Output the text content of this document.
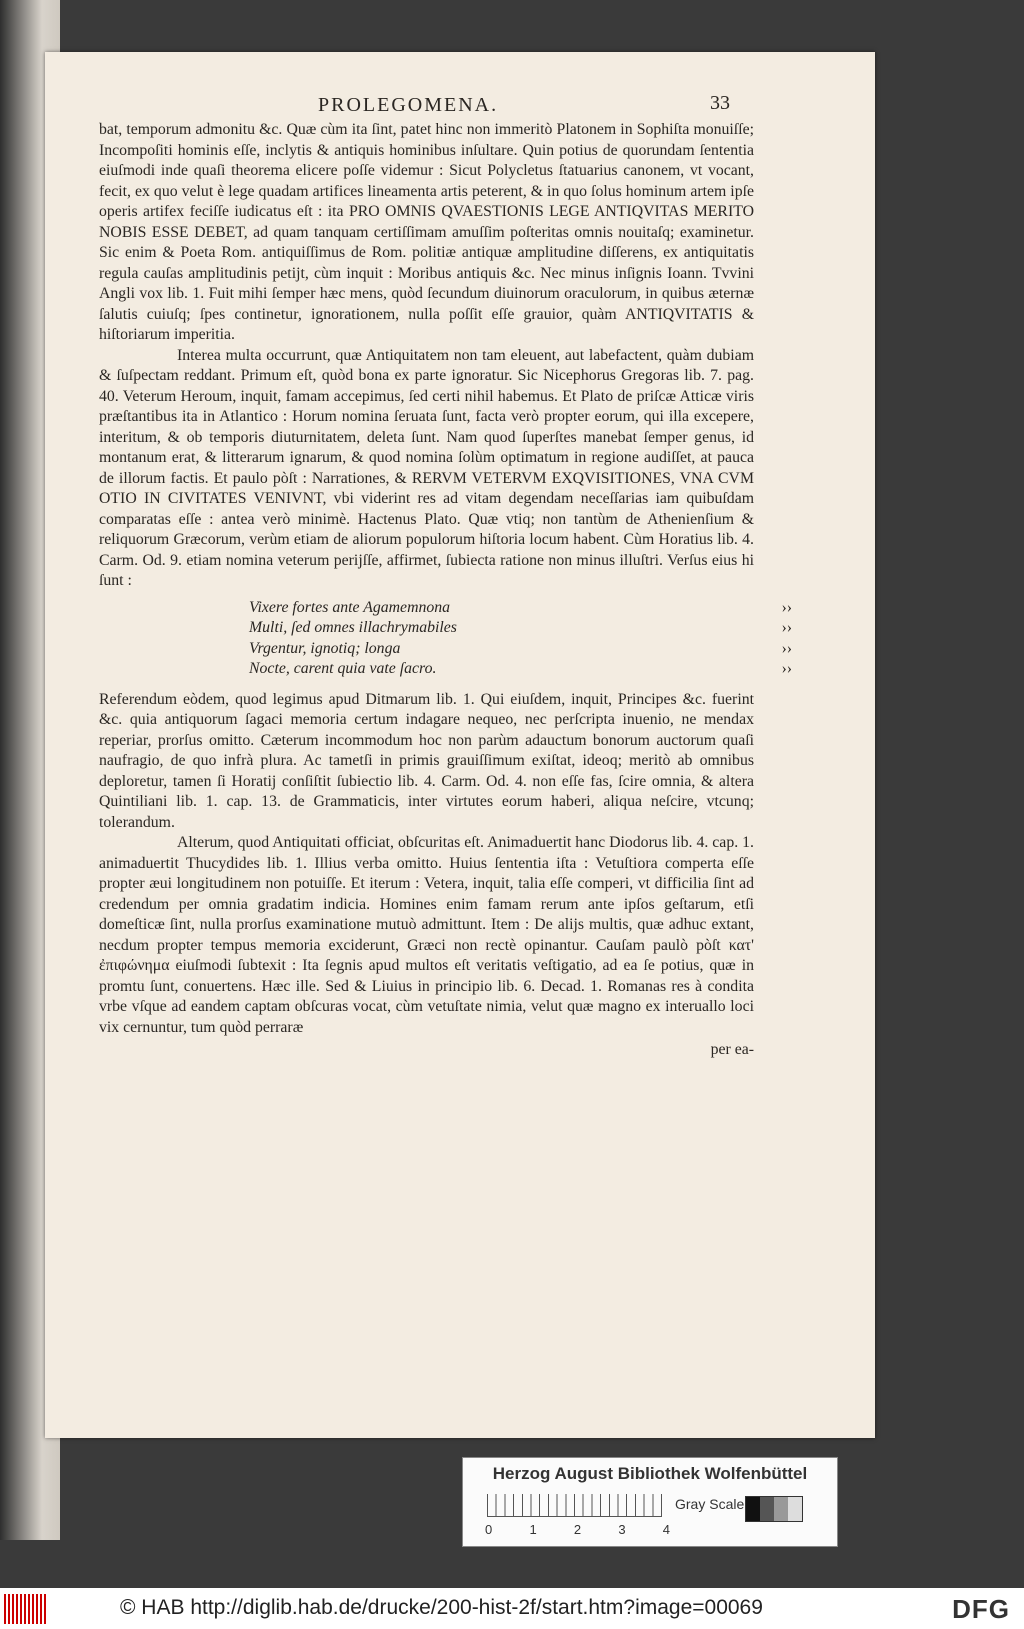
PROLEGOMENA.	33

bat, temporum admonitu &c. Quæ cùm ita ſint, patet hinc non immeritò Platonem in Sophiſta monuiſſe; Incompoſiti hominis eſſe, inclytis & antiquis hominibus inſultare. Quin potius de quorundam ſententia eiuſmodi inde quaſi theorema elicere poſſe videmur : Sicut Polycletus ſtatuarius canonem, vt vocant, fecit, ex quo velut è lege quadam artifices lineamenta artis peterent, & in quo ſolus hominum artem ipſe operis artifex feciſſe iudicatus eſt : ita PRO OMNIS QVAESTIONIS LEGE ANTIQVITAS MERITO NOBIS ESSE DEBET, ad quam tanquam certiſſimam amuſſim poſteritas omnis nouitaſq; examinetur. Sic enim & Poeta Rom. antiquiſſimus de Rom. politiæ antiquæ amplitudine diſſerens, ex antiquitatis regula cauſas amplitudinis petijt, cùm inquit : Moribus antiquis &c. Nec minus inſignis Ioann. Tvvini Angli vox lib. 1. Fuit mihi ſemper hæc mens, quòd ſecundum diuinorum oraculorum, in quibus æternæ ſalutis cuiuſq; ſpes continetur, ignorationem, nulla poſſit eſſe grauior, quàm ANTIQVITATIS & hiſtoriarum imperitia.

Interea multa occurrunt, quæ Antiquitatem non tam eleuent, aut labefactent, quàm dubiam & ſuſpectam reddant. Primum eſt, quòd bona ex parte ignoratur. Sic Nicephorus Gregoras lib. 7. pag. 40. Veterum Heroum, inquit, famam accepimus, ſed certi nihil habemus. Et Plato de priſcæ Atticæ viris præſtantibus ita in Atlantico : Horum nomina ſeruata ſunt, facta verò propter eorum, qui illa excepere, interitum, & ob temporis diuturnitatem, deleta ſunt. Nam quod ſuperſtes manebat ſemper genus, id montanum erat, & litterarum ignarum, & quod nomina ſolùm optimatum in regione audiſſet, at pauca de illorum factis. Et paulo pòſt : Narrationes, & RERVM VETERVM EXQVISITIONES, VNA CVM OTIO IN CIVITATES VENIVNT, vbi viderint res ad vitam degendam neceſſarias iam quibuſdam comparatas eſſe : antea verò minimè. Hactenus Plato. Quæ vtiq; non tantùm de Athenienſium & reliquorum Græcorum, verùm etiam de aliorum populorum hiſtoria locum habent. Cùm Horatius lib. 4. Carm. Od. 9. etiam nomina veterum perijſſe, affirmet, ſubiecta ratione non minus illuſtri. Verſus eius hi ſunt :

Vixere fortes ante Agamemnona	››
Multi, ſed omnes illachrymabiles	››
Vrgentur, ignotiq; longa	››
Nocte, carent quia vate ſacro.	››

Referendum eòdem, quod legimus apud Ditmarum lib. 1. Qui eiuſdem, inquit, Principes &c. fuerint &c. quia antiquorum ſagaci memoria certum indagare nequeo, nec perſcripta inuenio, ne mendax reperiar, prorſus omitto. Cæterum incommodum hoc non parùm adauctum bonorum auctorum quaſi naufragio, de quo infrà plura. Ac tametſi in primis grauiſſimum exiſtat, ideoq; meritò ab omnibus deploretur, tamen ſi Horatij conſiſtit ſubiectio lib. 4. Carm. Od. 4. non eſſe fas, ſcire omnia, & altera Quintiliani lib. 1. cap. 13. de Grammaticis, inter virtutes eorum haberi, aliqua neſcire, vtcunq; tolerandum.

Alterum, quod Antiquitati officiat, obſcuritas eſt. Animaduertit hanc Diodorus lib. 4. cap. 1. animaduertit Thucydides lib. 1. Illius verba omitto. Huius ſententia iſta : Vetuſtiora comperta eſſe propter æui longitudinem non potuiſſe. Et iterum : Vetera, inquit, talia eſſe comperi, vt difficilia ſint ad credendum per omnia gradatim indicia. Homines enim famam rerum ante ipſos geſtarum, etſi domeſticæ ſint, nulla prorſus examinatione mutuò admittunt. Item : De alijs multis, quæ adhuc extant, necdum propter tempus memoria exciderunt, Græci non rectè opinantur. Cauſam paulò pòſt κατ' ἐπιφώνημα eiuſmodi ſubtexit : Ita ſegnis apud multos eſt veritatis veſtigatio, ad ea ſe potius, quæ in promtu ſunt, conuertens. Hæc ille. Sed & Liuius in principio lib. 6. Decad. 1. Romanas res à condita vrbe vſque ad eandem captam obſcuras vocat, cùm vetuſtate nimia, velut quæ magno ex interuallo loci vix cernuntur, tum quòd perraræ

per ea-
Herzog August Bibliothek Wolfenbüttel
0	1	2	3	4
Gray Scale
© HAB http://diglib.hab.de/drucke/200-hist-2f/start.htm?image=00069	DFG
